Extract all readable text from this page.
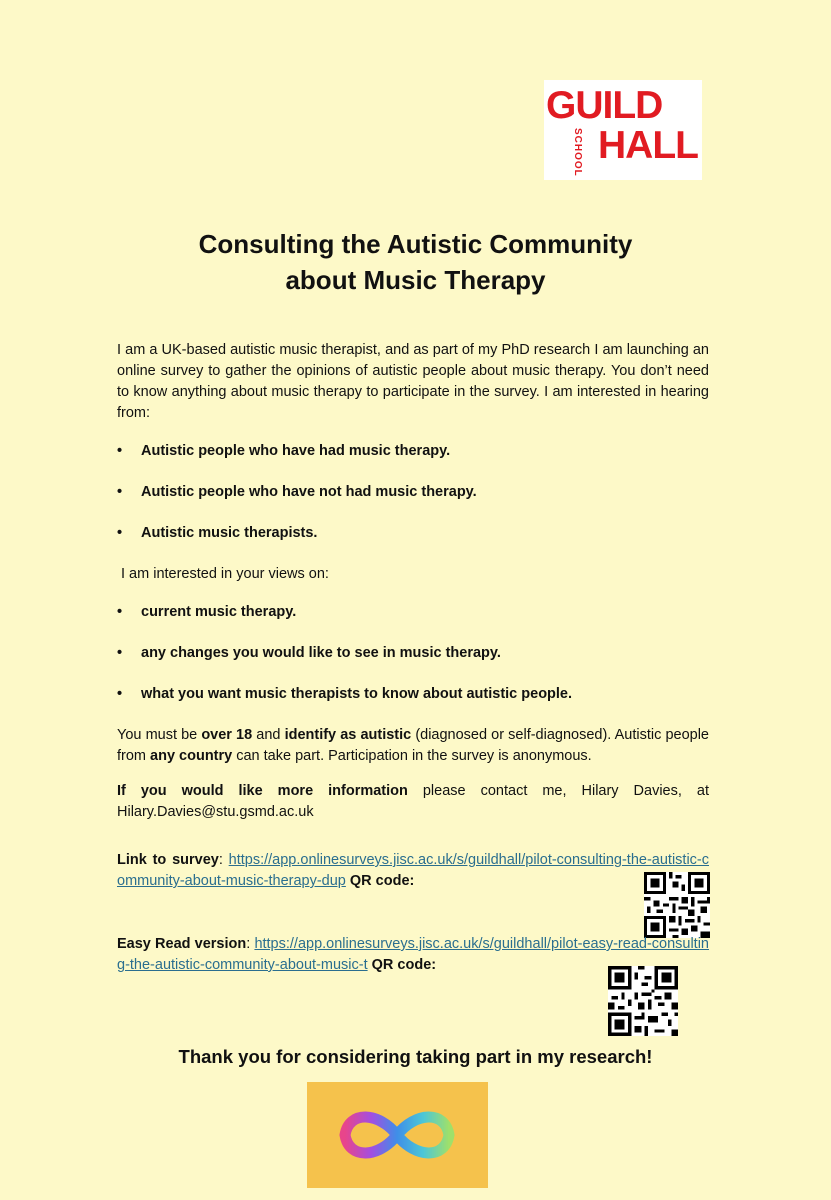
GUILD
SCHOOL HALL
Consulting the Autistic Community
about Music Therapy

I am a UK-based autistic music therapist, and as part of my PhD research I am launching an online survey to gather the opinions of autistic people about music therapy. You don’t need to know anything about music therapy to participate in the survey. I am interested in hearing from:

• Autistic people who have had music therapy.
• Autistic people who have not had music therapy.
• Autistic music therapists.

I am interested in your views on:

• current music therapy.
• any changes you would like to see in music therapy.
• what you want music therapists to know about autistic people.

You must be over 18 and identify as autistic (diagnosed or self-diagnosed). Autistic people from any country can take part. Participation in the survey is anonymous.

If you would like more information please contact me, Hilary Davies, at Hilary.Davies@stu.gsmd.ac.uk

Link to survey: https://app.onlinesurveys.jisc.ac.uk/s/guildhall/pilot-consulting-the-autistic-community-about-music-therapy-dup QR code:
Easy Read version: https://app.onlinesurveys.jisc.ac.uk/s/guildhall/pilot-easy-read-consulting-the-autistic-community-about-music-t QR code:
Thank you for considering taking part in my research!
